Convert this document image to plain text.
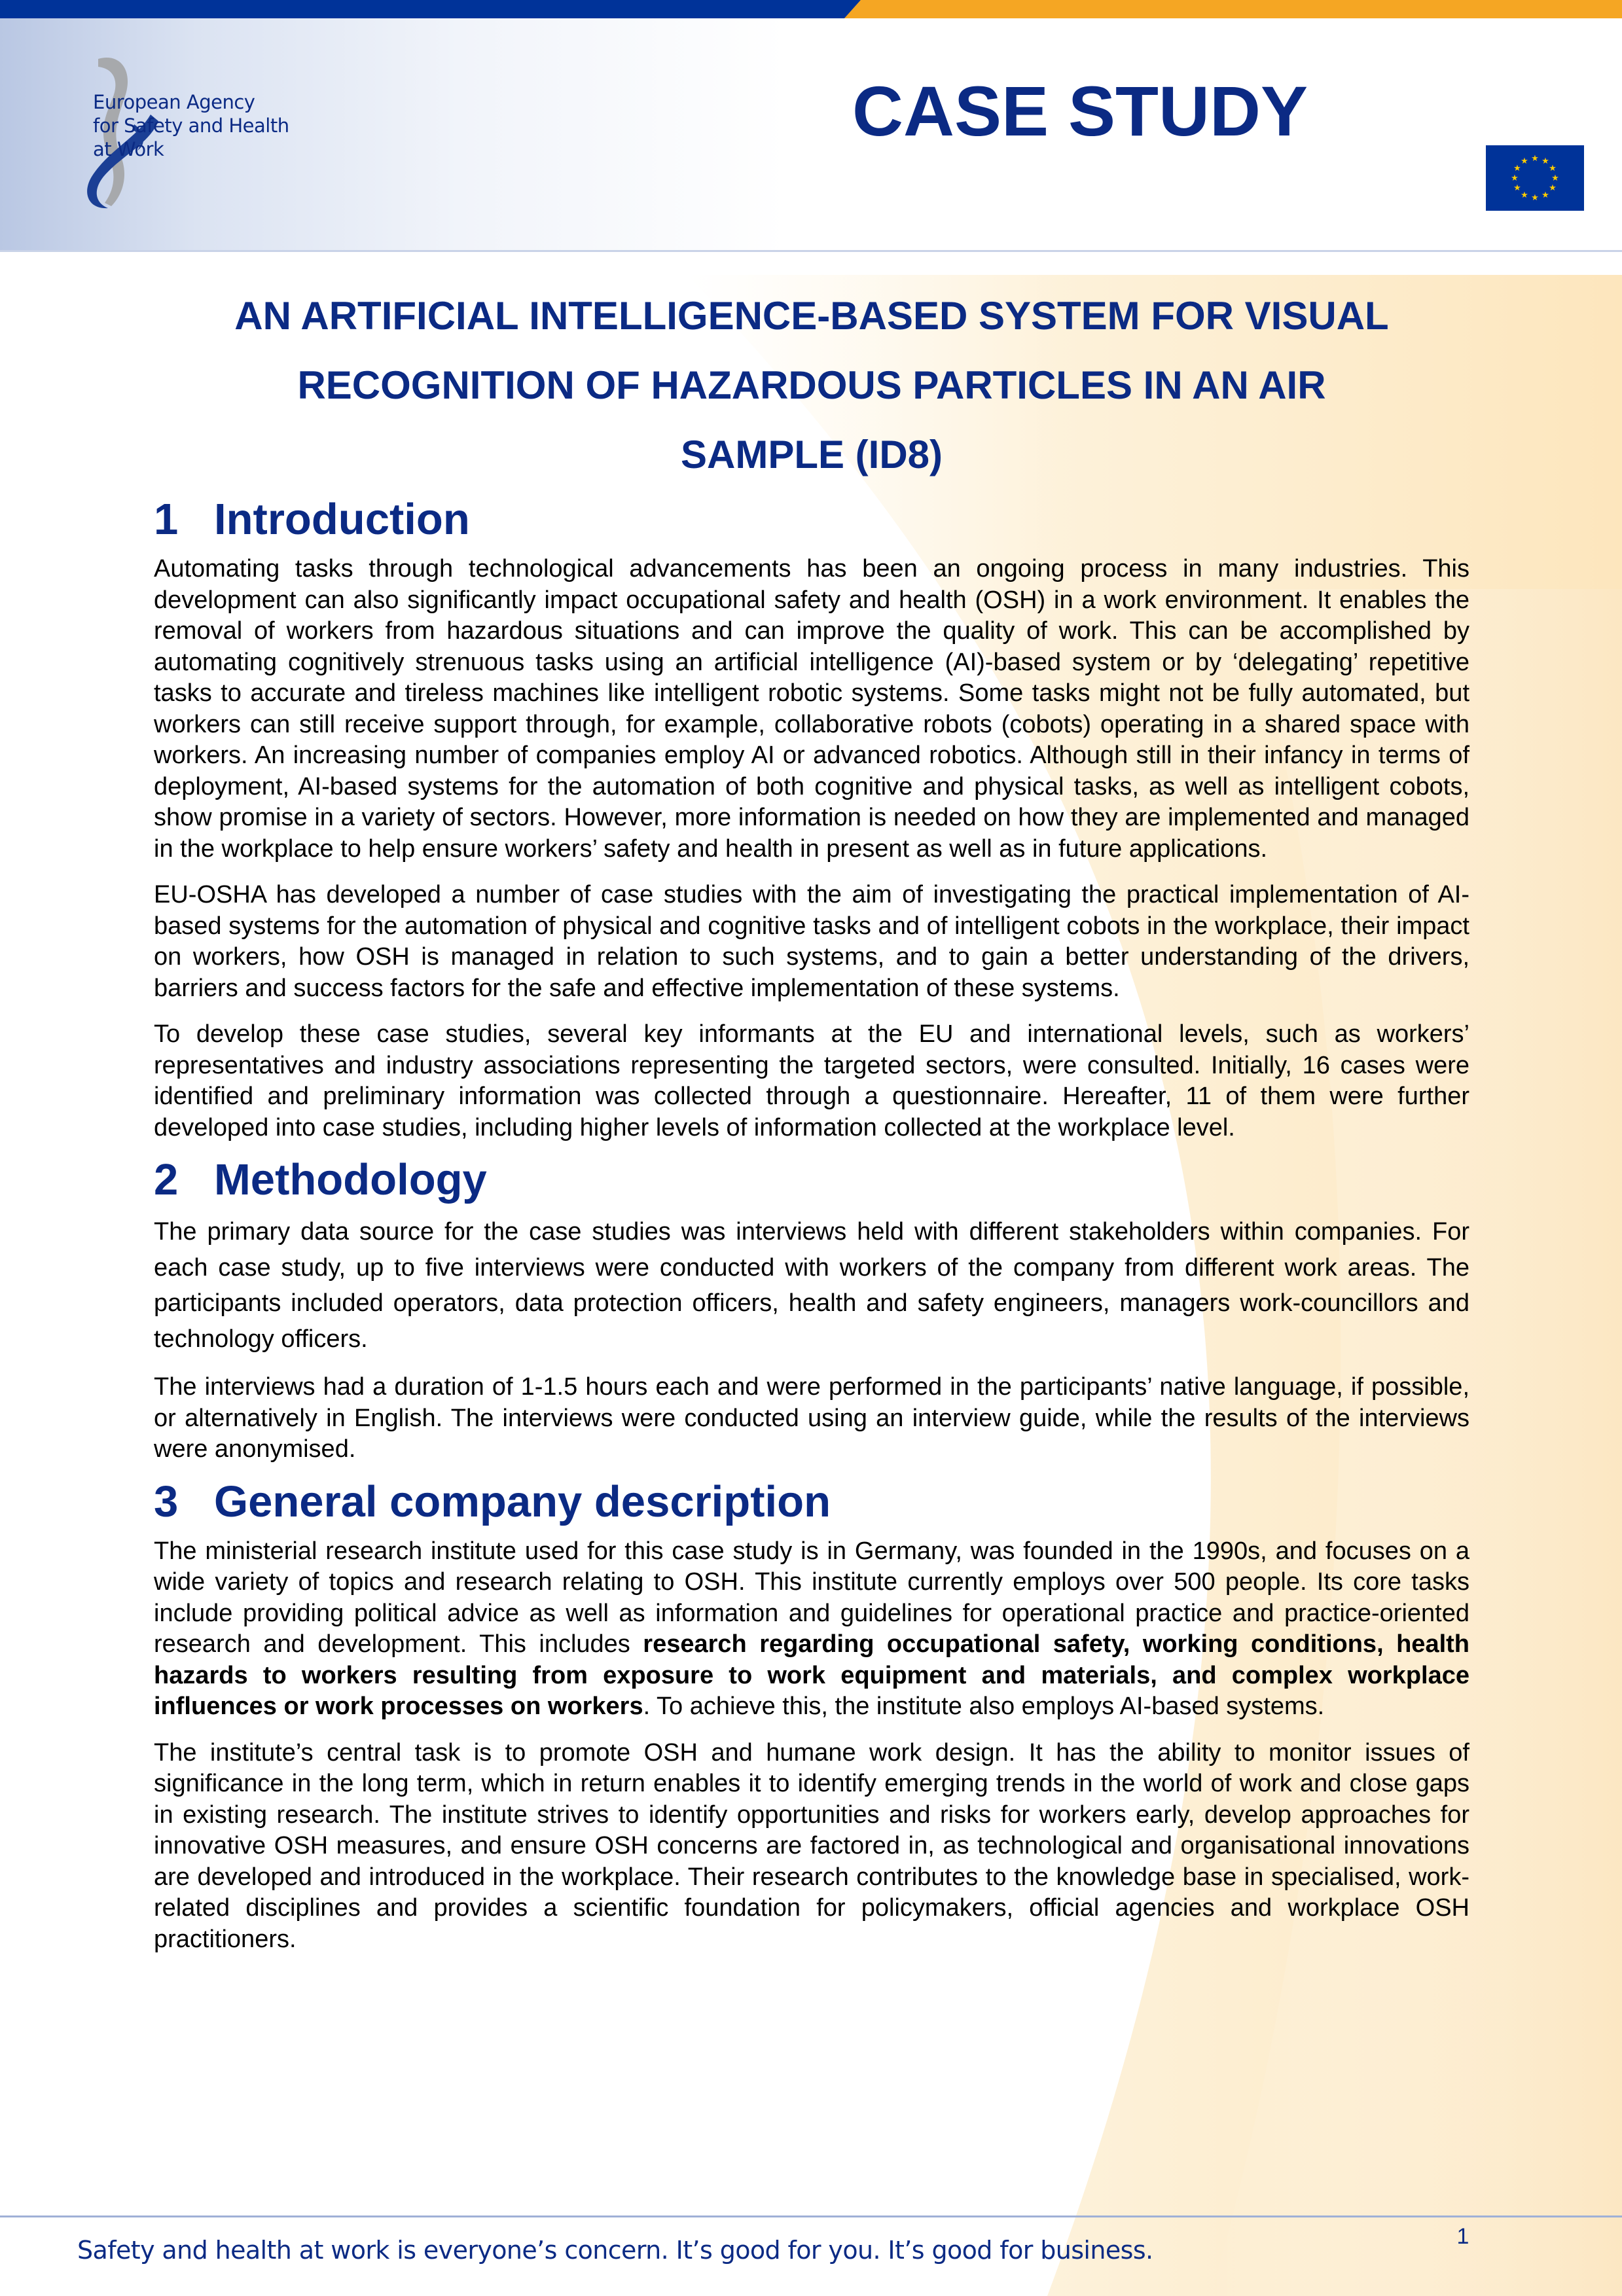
European Agency
for Safety and Health
at Work	CASE STUDY
★ ★
★
★
★
★
★
★
★
★
★
★
AN ARTIFICIAL INTELLIGENCE-BASED SYSTEM FOR VISUAL
RECOGNITION OF HAZARDOUS PARTICLES IN AN AIR
SAMPLE (ID8)
1 Introduction

Automating tasks through technological advancements has been an ongoing process in many industries. This development can also significantly impact occupational safety and health (OSH) in a work environment. It enables the removal of workers from hazardous situations and can improve the quality of work. This can be accomplished by automating cognitively strenuous tasks using an artificial intelligence (AI)-based system or by ‘delegating’ repetitive tasks to accurate and tireless machines like intelligent robotic systems. Some tasks might not be fully automated, but workers can still receive support through, for example, collaborative robots (cobots) operating in a shared space with workers. An increasing number of companies employ AI or advanced robotics. Although still in their infancy in terms of deployment, AI-based systems for the automation of both cognitive and physical tasks, as well as intelligent cobots, show promise in a variety of sectors. However, more information is needed on how they are implemented and managed in the workplace to help ensure workers’ safety and health in present as well as in future applications.

EU-OSHA has developed a number of case studies with the aim of investigating the practical implementation of AI-based systems for the automation of physical and cognitive tasks and of intelligent cobots in the workplace, their impact on workers, how OSH is managed in relation to such systems, and to gain a better understanding of the drivers, barriers and success factors for the safe and effective implementation of these systems.

To develop these case studies, several key informants at the EU and international levels, such as workers’ representatives and industry associations representing the targeted sectors, were consulted. Initially, 16 cases were identified and preliminary information was collected through a questionnaire. Hereafter, 11 of them were further developed into case studies, including higher levels of information collected at the workplace level.

2 Methodology

The primary data source for the case studies was interviews held with different stakeholders within companies. For each case study, up to five interviews were conducted with workers of the company from different work areas. The participants included operators, data protection officers, health and safety engineers, managers work-councillors and technology officers.

The interviews had a duration of 1-1.5 hours each and were performed in the participants’ native language, if possible, or alternatively in English. The interviews were conducted using an interview guide, while the results of the interviews were anonymised.

3 General company description

The ministerial research institute used for this case study is in Germany, was founded in the 1990s, and focuses on a wide variety of topics and research relating to OSH. This institute currently employs over 500 people. Its core tasks include providing political advice as well as information and guidelines for operational practice and practice-oriented research and development. This includes research regarding occupational safety, working conditions, health hazards to workers resulting from exposure to work equipment and materials, and complex workplace influences or work processes on workers. To achieve this, the institute also employs AI-based systems.

The institute’s central task is to promote OSH and humane work design. It has the ability to monitor issues of significance in the long term, which in return enables it to identify emerging trends in the world of work and close gaps in existing research. The institute strives to identify opportunities and risks for workers early, develop approaches for innovative OSH measures, and ensure OSH concerns are factored in, as technological and organisational innovations are developed and introduced in the workplace. Their research contributes to the knowledge base in specialised, work-related disciplines and provides a scientific foundation for policymakers, official agencies and workplace OSH practitioners.

Safety and health at work is everyone’s concern. It’s good for you. It’s good for business.	1
